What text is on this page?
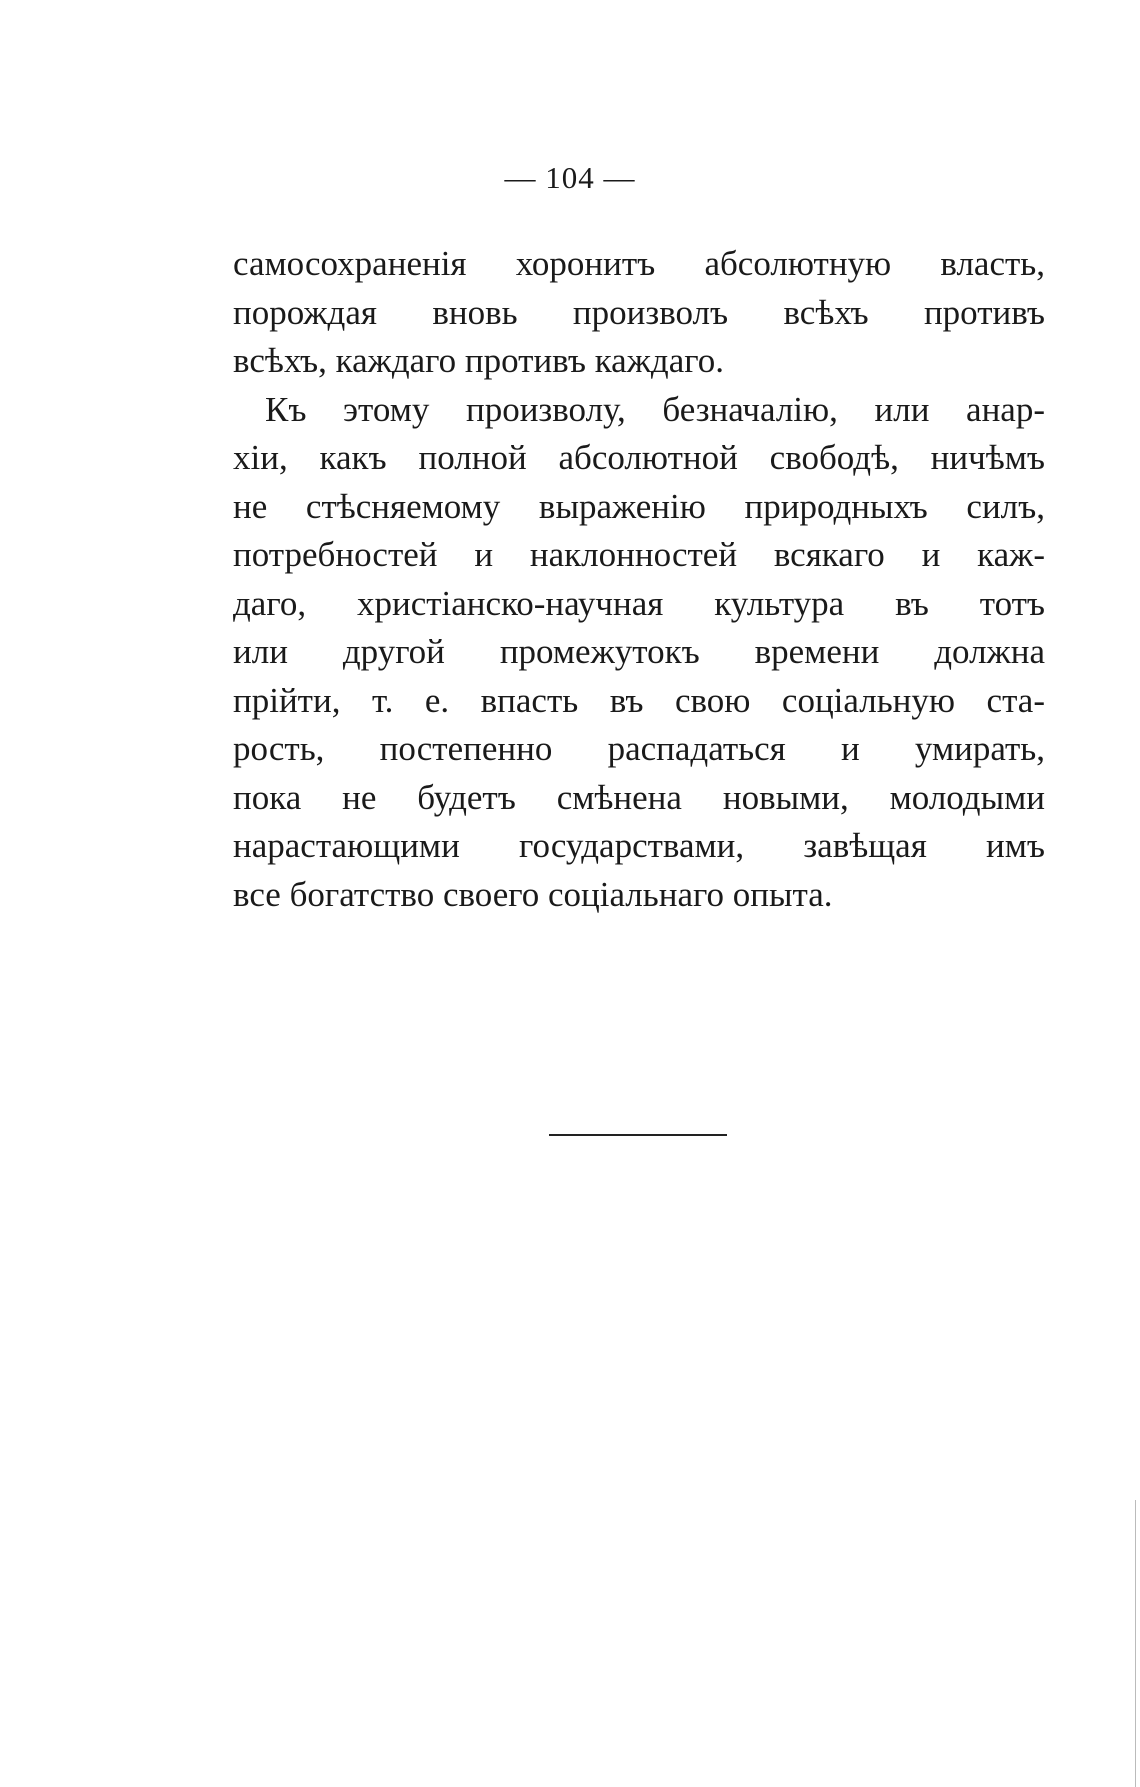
— 104 —
самосохраненія хоронитъ абсолютную власть,
порождая вновь произволъ всѣхъ противъ
всѣхъ, каждаго противъ каждаго.
Къ этому произволу, безначалію, или анар-
хіи, какъ полной абсолютной свободѣ, ничѣмъ
не стѣсняемому выраженію природныхъ силъ,
потребностей и наклонностей всякаго и каж-
даго, христіанско-научная культура въ тотъ
или другой промежутокъ времени должна
прійти, т. е. впасть въ свою соціальную ста-
рость, постепенно распадаться и умирать,
пока не будетъ смѣнена новыми, молодыми
нарастающими государствами, завѣщая имъ
все богатство своего соціальнаго опыта.
